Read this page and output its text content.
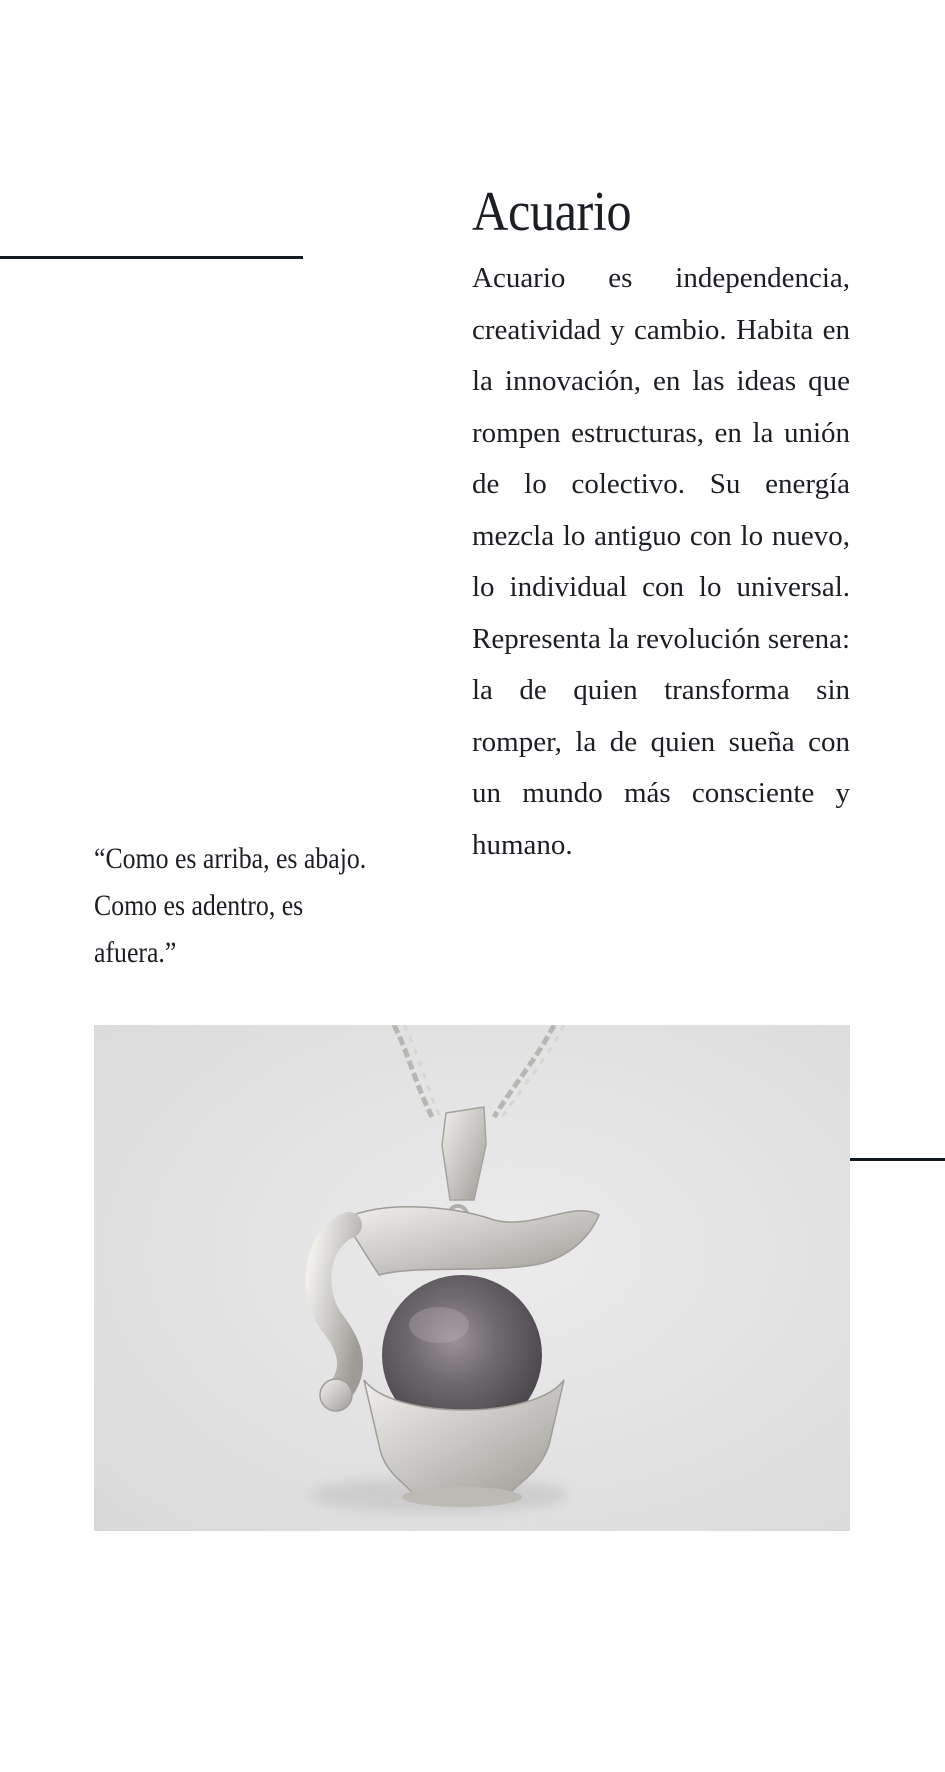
Acuario

Acuario es independencia, creatividad y cambio. Habita en la innovación, en las ideas que rompen estructuras, en la unión de lo colectivo. Su energía mezcla lo antiguo con lo nuevo, lo individual con lo universal. Representa la revolución serena: la de quien transforma sin romper, la de quien sueña con un mundo más consciente y humano.

“Como es arriba, es abajo. Como es adentro, es afuera.”
